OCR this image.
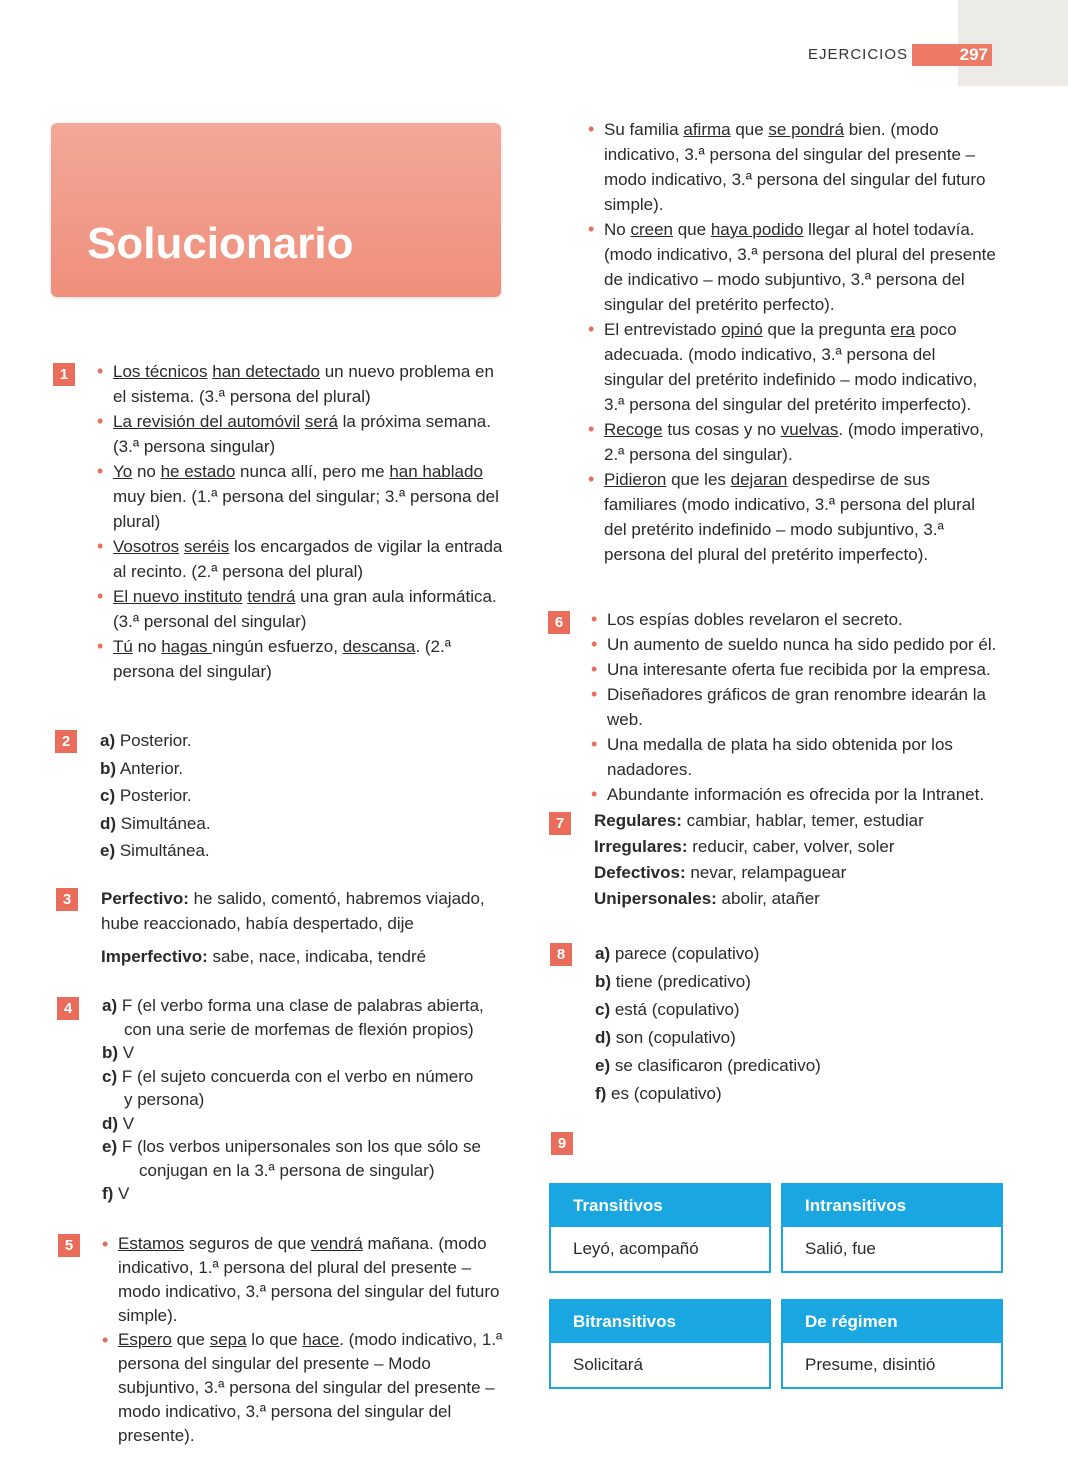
EJERCICIOS	297
Solucionario
1	• Los técnicos han detectado un nuevo problema en el sistema. (3.ª persona del plural)

• La revisión del automóvil será la próxima semana. (3.ª persona singular)

• Yo no he estado nunca allí, pero me han hablado muy bien. (1.ª persona del singular; 3.ª persona del plural)

• Vosotros seréis los encargados de vigilar la entrada al recinto. (2.ª persona del plural)

• El nuevo instituto tendrá una gran aula informática. (3.ª personal del singular)

• Tú no hagas ningún esfuerzo, descansa. (2.ª persona del singular)

2	a) Posterior.

b) Anterior.

c) Posterior.

d) Simultánea.

e) Simultánea.

3	Perfectivo: he salido, comentó, habremos viajado, hube reaccionado, había despertado, dije

Imperfectivo: sabe, nace, indicaba, tendré

4	a) F (el verbo forma una clase de palabras abierta,

con una serie de morfemas de flexión propios)

b) V

c) F (el sujeto concuerda con el verbo en número

y persona)

d) V

e) F (los verbos unipersonales son los que sólo se

conjugan en la 3.ª persona de singular)

f) V

5	• Estamos seguros de que vendrá mañana. (modo indicativo, 1.ª persona del plural del presente – modo indicativo, 3.ª persona del singular del futuro simple).

• Espero que sepa lo que hace. (modo indicativo, 1.ª persona del singular del presente – Modo subjuntivo, 3.ª persona del singular del presente – modo indicativo, 3.ª persona del singular del presente).

• Su familia afirma que se pondrá bien. (modo indicativo, 3.ª persona del singular del presente – modo indicativo, 3.ª persona del singular del futuro simple).

• No creen que haya podido llegar al hotel todavía. (modo indicativo, 3.ª persona del plural del presente de indicativo – modo subjuntivo, 3.ª persona del singular del pretérito perfecto).

• El entrevistado opinó que la pregunta era poco adecuada. (modo indicativo, 3.ª persona del singular del pretérito indefinido – modo indicativo, 3.ª persona del singular del pretérito imperfecto).

• Recoge tus cosas y no vuelvas. (modo imperativo, 2.ª persona del singular).

• Pidieron que les dejaran despedirse de sus familiares (modo indicativo, 3.ª persona del plural del pretérito indefinido – modo subjuntivo, 3.ª persona del plural del pretérito imperfecto).

6	• Los espías dobles revelaron el secreto.

• Un aumento de sueldo nunca ha sido pedido por él.

• Una interesante oferta fue recibida por la empresa.

• Diseñadores gráficos de gran renombre idearán la web.

• Una medalla de plata ha sido obtenida por los nadadores.

• Abundante información es ofrecida por la Intranet.

7	Regulares: cambiar, hablar, temer, estudiar

Irregulares: reducir, caber, volver, soler

Defectivos: nevar, relampaguear

Unipersonales: abolir, atañer

8	a) parece (copulativo)

b) tiene (predicativo)

c) está (copulativo)

d) son (copulativo)

e) se clasificaron (predicativo)

f) es (copulativo)

9
Transitivos
Leyó, acompañó
Intransitivos
Salió, fue
Bitransitivos
Solicitará
De régimen
Presume, disintió
